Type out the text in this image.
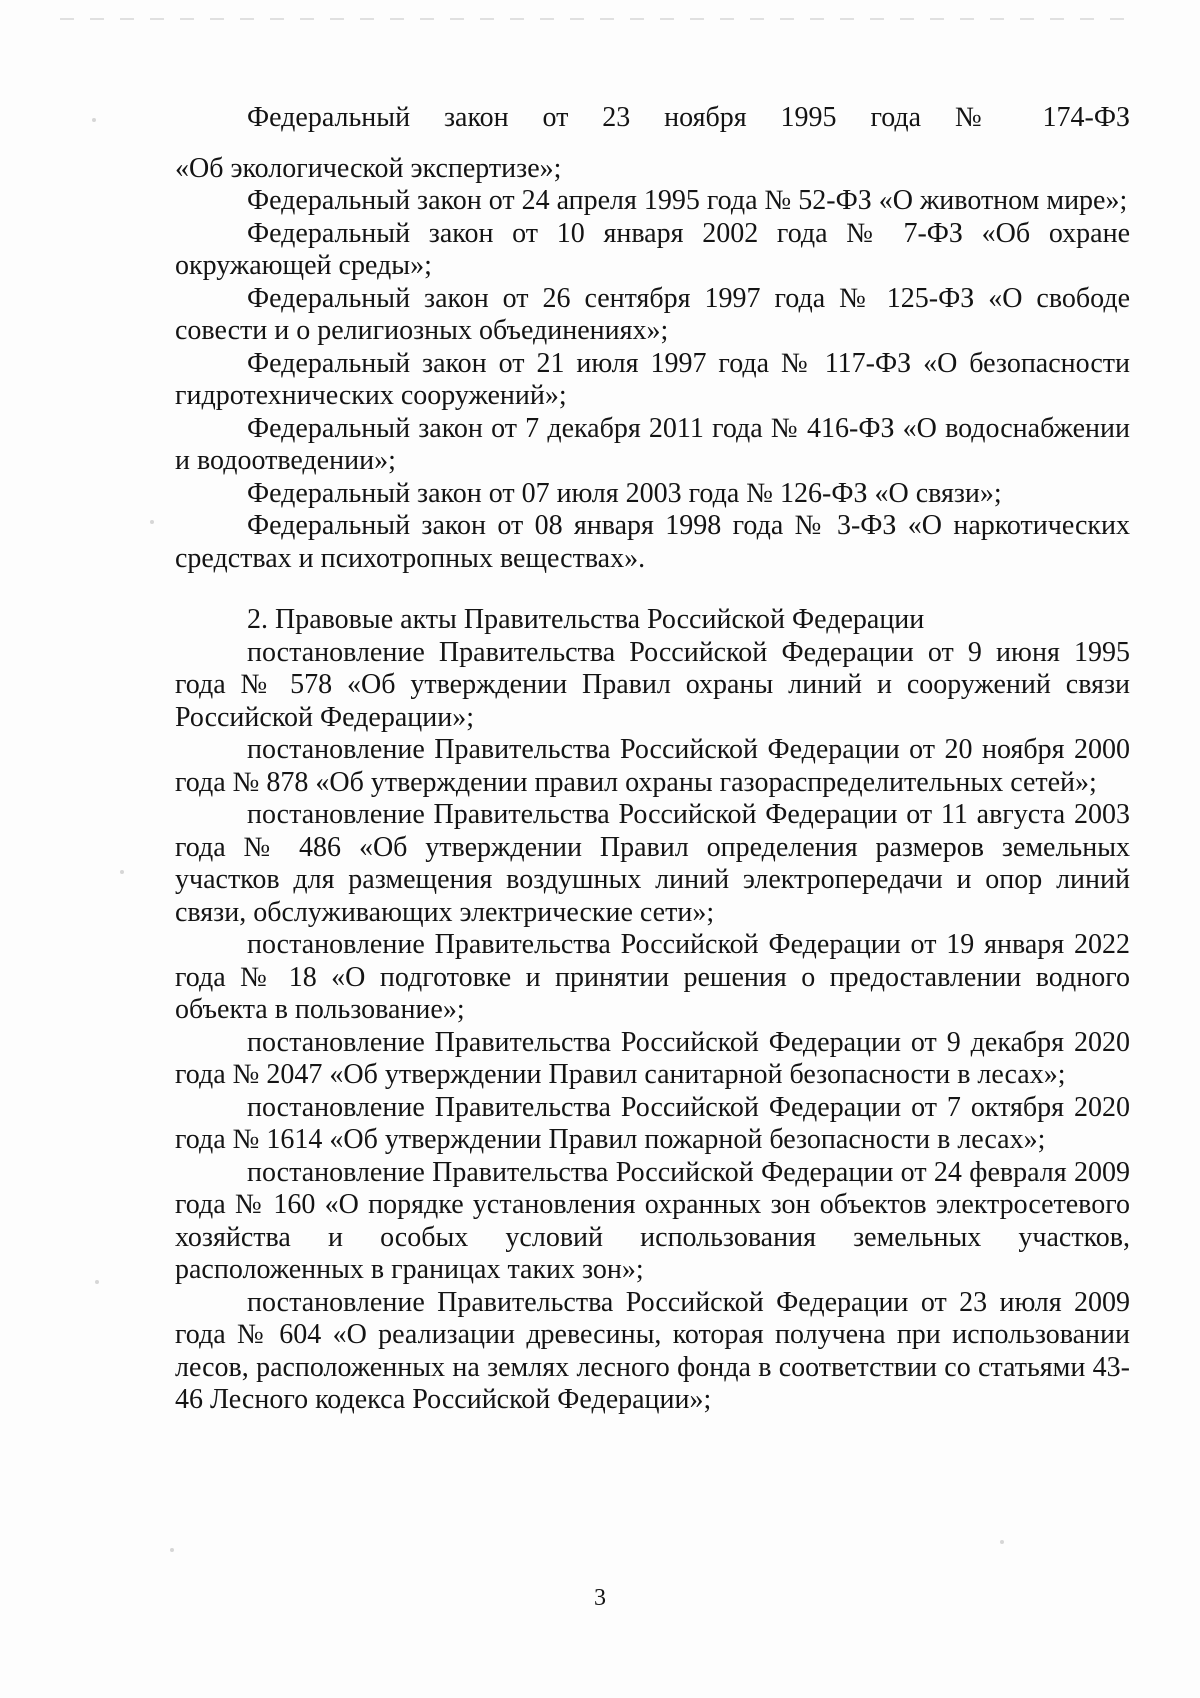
Федеральный закон от 23 ноября 1995 года № 174-ФЗ

«Об экологической экспертизе»;

Федеральный закон от 24 апреля 1995 года № 52-ФЗ «О животном мире»;

Федеральный закон от 10 января 2002 года № 7-ФЗ «Об охране окружающей среды»;

Федеральный закон от 26 сентября 1997 года № 125-ФЗ «О свободе совести и о религиозных объединениях»;

Федеральный закон от 21 июля 1997 года № 117-ФЗ «О безопасности гидротехнических сооружений»;

Федеральный закон от 7 декабря 2011 года № 416-ФЗ «О водоснабжении и водоотведении»;

Федеральный закон от 07 июля 2003 года № 126-ФЗ «О связи»;

Федеральный закон от 08 января 1998 года № 3-ФЗ «О наркотических средствах и психотропных веществах».

2. Правовые акты Правительства Российской Федерации

постановление Правительства Российской Федерации от 9 июня 1995 года № 578 «Об утверждении Правил охраны линий и сооружений связи Российской Федерации»;

постановление Правительства Российской Федерации от 20 ноября 2000 года № 878 «Об утверждении правил охраны газораспределительных сетей»;

постановление Правительства Российской Федерации от 11 августа 2003 года № 486 «Об утверждении Правил определения размеров земельных участков для размещения воздушных линий электропередачи и опор линий связи, обслуживающих электрические сети»;

постановление Правительства Российской Федерации от 19 января 2022 года № 18 «О подготовке и принятии решения о предоставлении водного объекта в пользование»;

постановление Правительства Российской Федерации от 9 декабря 2020 года № 2047 «Об утверждении Правил санитарной безопасности в лесах»;

постановление Правительства Российской Федерации от 7 октября 2020 года № 1614 «Об утверждении Правил пожарной безопасности в лесах»;

постановление Правительства Российской Федерации от 24 февраля 2009 года № 160 «О порядке установления охранных зон объектов электросетевого хозяйства и особых условий использования земельных участков, расположенных в границах таких зон»;

постановление Правительства Российской Федерации от 23 июля 2009 года № 604 «О реализации древесины, которая получена при использовании лесов, расположенных на землях лесного фонда в соответствии со статьями 43-46 Лесного кодекса Российской Федерации»;

3
